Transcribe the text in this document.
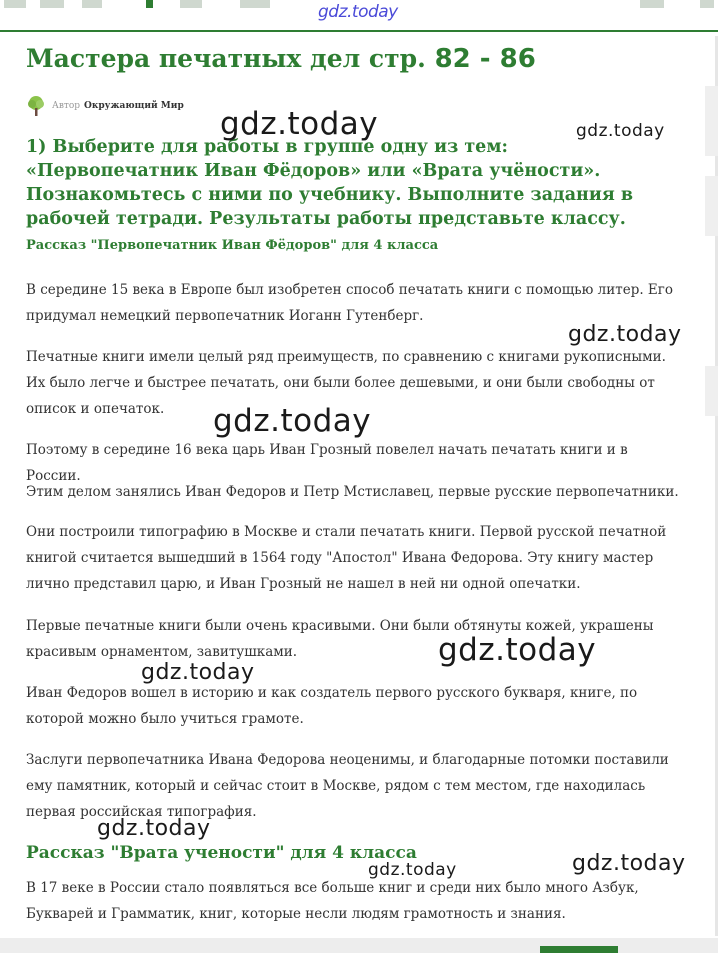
gdz.today
Мастера печатных дел стр. 82 - 86
Автор Окружающий Мир
1) Выберите для работы в группе одну из тем: «Первопечатник Иван Фёдоров» или «Врата учёности». Познакомьтесь с ними по учебнику. Выполните задания в рабочей тетради. Результаты работы представьте классу.
Рассказ "Первопечатник Иван Фёдоров" для 4 класса

В середине 15 века в Европе был изобретен способ печатать книги с помощью литер. Его придумал немецкий первопечатник Иоганн Гутенберг.

Печатные книги имели целый ряд преимуществ, по сравнению с книгами рукописными. Их было легче и быстрее печатать, они были более дешевыми, и они были свободны от описок и опечаток.

Поэтому в середине 16 века царь Иван Грозный повелел начать печатать книги и в России.

Этим делом занялись Иван Федоров и Петр Мстиславец, первые русские первопечатники.

Они построили типографию в Москве и стали печатать книги. Первой русской печатной книгой считается вышедший в 1564 году "Апостол" Ивана Федорова. Эту книгу мастер лично представил царю, и Иван Грозный не нашел в ней ни одной опечатки.

Первые печатные книги были очень красивыми. Они были обтянуты кожей, украшены красивым орнаментом, завитушками.

Иван Федоров вошел в историю и как создатель первого русского букваря, книге, по которой можно было учиться грамоте.

Заслуги первопечатника Ивана Федорова неоценимы, и благодарные потомки поставили ему памятник, который и сейчас стоит в Москве, рядом с тем местом, где находилась первая российская типография.

Рассказ "Врата учености" для 4 класса

В 17 веке в России стало появляться все больше книг и среди них было много Азбук, Букварей и Грамматик, книг, которые несли людям грамотность и знания.

gdz.today	gdz.today
gdz.today
gdz.today
gdz.today
gdz.today
gdz.today
gdz.today
gdz.today
